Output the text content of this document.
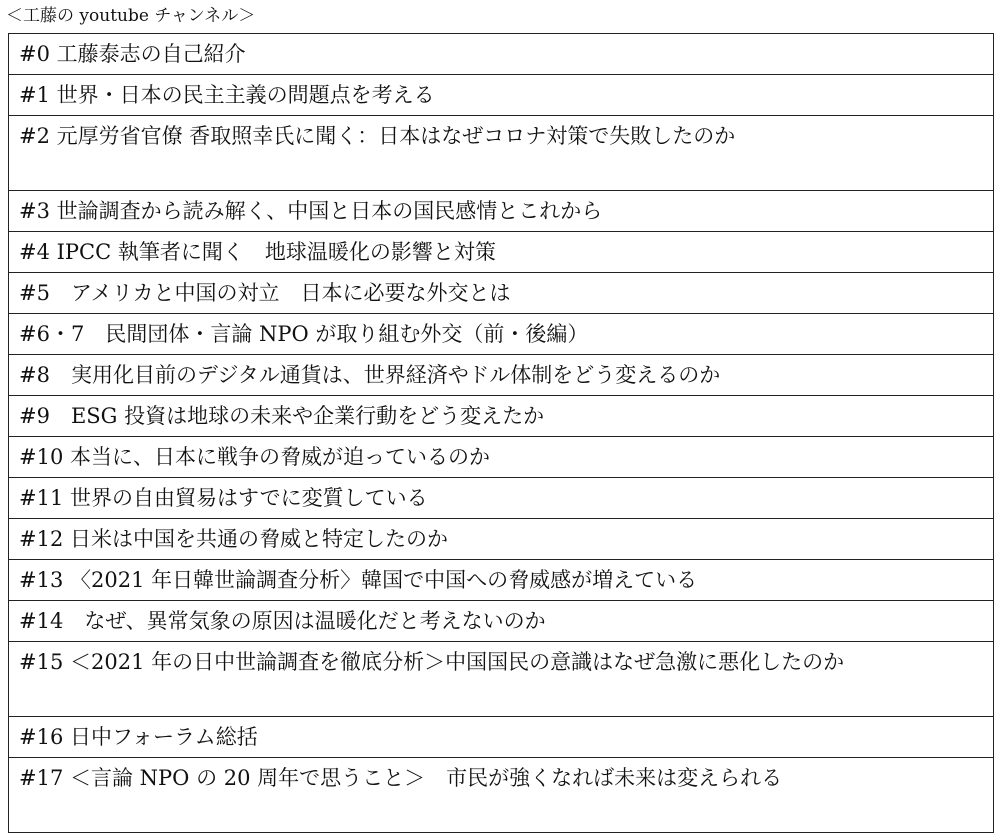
＜工藤の youtube チャンネル＞
#0 工藤泰志の自己紹介
#1 世界・日本の民主主義の問題点を考える
#2 元厚労省官僚 香取照幸氏に聞く：日本はなぜコロナ対策で失敗したのか
#3 世論調査から読み解く、中国と日本の国民感情とこれから
#4 IPCC 執筆者に聞く　地球温暖化の影響と対策
#5　アメリカと中国の対立　日本に必要な外交とは
#6・7　民間団体・言論 NPO が取り組む外交（前・後編）
#8　実用化目前のデジタル通貨は、世界経済やドル体制をどう変えるのか
#9　ESG 投資は地球の未来や企業行動をどう変えたか
#10 本当に、日本に戦争の脅威が迫っているのか
#11 世界の自由貿易はすでに変質している
#12 日米は中国を共通の脅威と特定したのか
#13 〈2021 年日韓世論調査分析〉韓国で中国への脅威感が増えている
#14　なぜ、異常気象の原因は温暖化だと考えないのか
#15 ＜2021 年の日中世論調査を徹底分析＞中国国民の意識はなぜ急激に悪化したのか
#16 日中フォーラム総括
#17 ＜言論 NPO の 20 周年で思うこと＞　市民が強くなれば未来は変えられる
